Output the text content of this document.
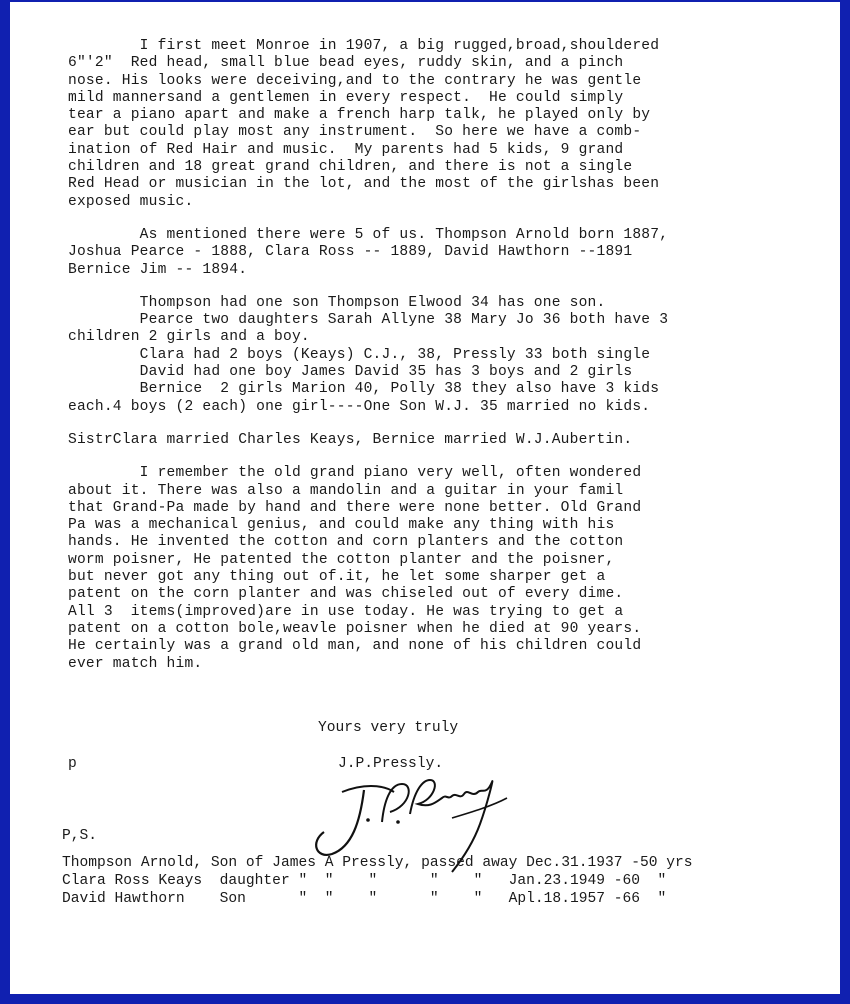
I first meet Monroe in 1907, a big rugged,broad,shouldered
6"'2"  Red head, small blue bead eyes, ruddy skin, and a pinch
nose. His looks were deceiving,and to the contrary he was gentle
mild mannersand a gentlemen in every respect.  He could simply
tear a piano apart and make a french harp talk, he played only by
ear but could play most any instrument.  So here we have a comb-
ination of Red Hair and music.  My parents had 5 kids, 9 grand
children and 18 great grand children, and there is not a single
Red Head or musician in the lot, and the most of the girlshas been
exposed music.
As mentioned there were 5 of us. Thompson Arnold born 1887,
Joshua Pearce - 1888, Clara Ross -- 1889, David Hawthorn --1891
Bernice Jim -- 1894.
Thompson had one son Thompson Elwood 34 has one son.
Pearce two daughters Sarah Allyne 38 Mary Jo 36 both have 3
children 2 girls and a boy.
Clara had 2 boys (Keays) C.J., 38, Pressly 33 both single
David had one boy James David 35 has 3 boys and 2 girls
Bernice  2 girls Marion 40, Polly 38 they also have 3 kids
each.4 boys (2 each) one girl----One Son W.J. 35 married no kids.
SistrClara married Charles Keays, Bernice married W.J.Aubertin.
I remember the old grand piano very well, often wondered
about it. There was also a mandolin and a guitar in your famil
that Grand-Pa made by hand and there were none better. Old Grand
Pa was a mechanical genius, and could make any thing with his
hands. He invented the cotton and corn planters and the cotton
worm poisner, He patented the cotton planter and the poisner,
but never got any thing out of.it, he let some sharper get a
patent on the corn planter and was chiseled out of every dime.
All 3  items(improved)are in use today. He was trying to get a
patent on a cotton bole,weavle poisner when he died at 90 years.
He certainly was a grand old man, and none of his children could
ever match him.
Yours very truly
p	J.P.Pressly.
P,S.
Thompson Arnold, Son of James A Pressly, passed away Dec.31.1937 -50 yrs
Clara Ross Keays  daughter "  "    "      "    "   Jan.23.1949 -60  "
David Hawthorn    Son      "  "    "      "    "   Apl.18.1957 -66  "
